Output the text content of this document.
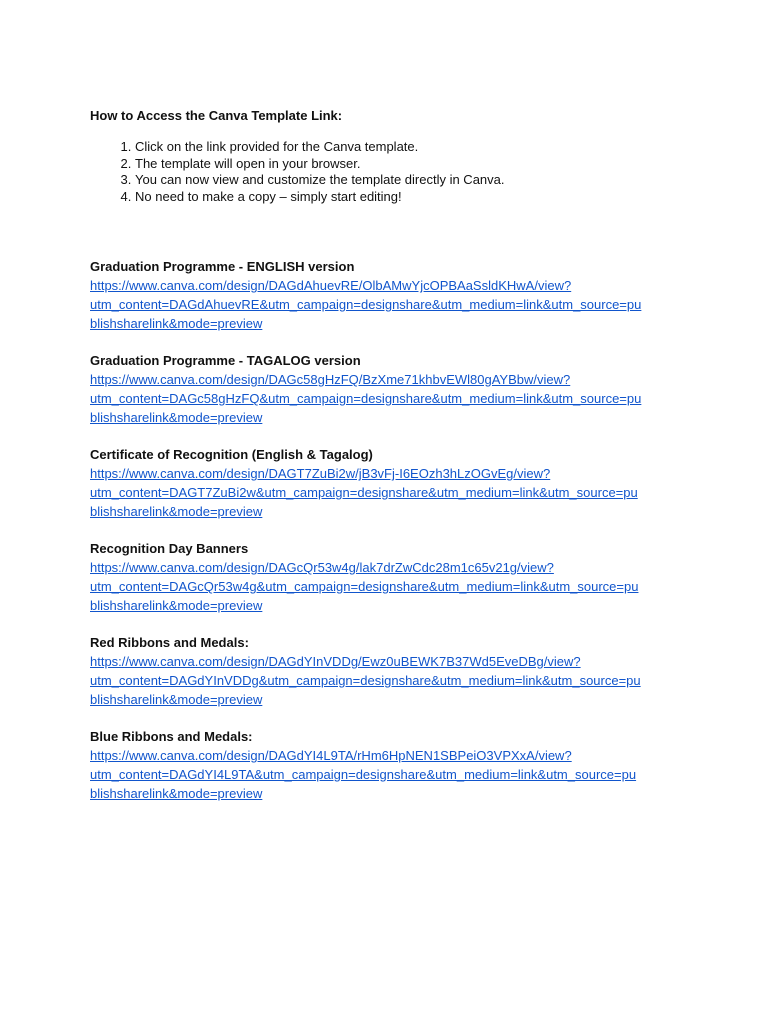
How to Access the Canva Template Link:

1. Click on the link provided for the Canva template.
2. The template will open in your browser.
3. You can now view and customize the template directly in Canva.
4. No need to make a copy – simply start editing!

Graduation Programme - ENGLISH version

https://www.canva.com/design/DAGdAhuevRE/OlbAMwYjcOPBAaSsldKHwA/view?
utm_content=DAGdAhuevRE&utm_campaign=designshare&utm_medium=link&utm_source=pu
blishsharelink&mode=preview

Graduation Programme - TAGALOG version

https://www.canva.com/design/DAGc58gHzFQ/BzXme71khbvEWl80gAYBbw/view?
utm_content=DAGc58gHzFQ&utm_campaign=designshare&utm_medium=link&utm_source=pu
blishsharelink&mode=preview

Certificate of Recognition (English & Tagalog)

https://www.canva.com/design/DAGT7ZuBi2w/jB3vFj-I6EOzh3hLzOGvEg/view?
utm_content=DAGT7ZuBi2w&utm_campaign=designshare&utm_medium=link&utm_source=pu
blishsharelink&mode=preview

Recognition Day Banners

https://www.canva.com/design/DAGcQr53w4g/lak7drZwCdc28m1c65v21g/view?
utm_content=DAGcQr53w4g&utm_campaign=designshare&utm_medium=link&utm_source=pu
blishsharelink&mode=preview

Red Ribbons and Medals:

https://www.canva.com/design/DAGdYInVDDg/Ewz0uBEWK7B37Wd5EveDBg/view?
utm_content=DAGdYInVDDg&utm_campaign=designshare&utm_medium=link&utm_source=pu
blishsharelink&mode=preview

Blue Ribbons and Medals:

https://www.canva.com/design/DAGdYI4L9TA/rHm6HpNEN1SBPeiO3VPXxA/view?
utm_content=DAGdYI4L9TA&utm_campaign=designshare&utm_medium=link&utm_source=pu
blishsharelink&mode=preview
